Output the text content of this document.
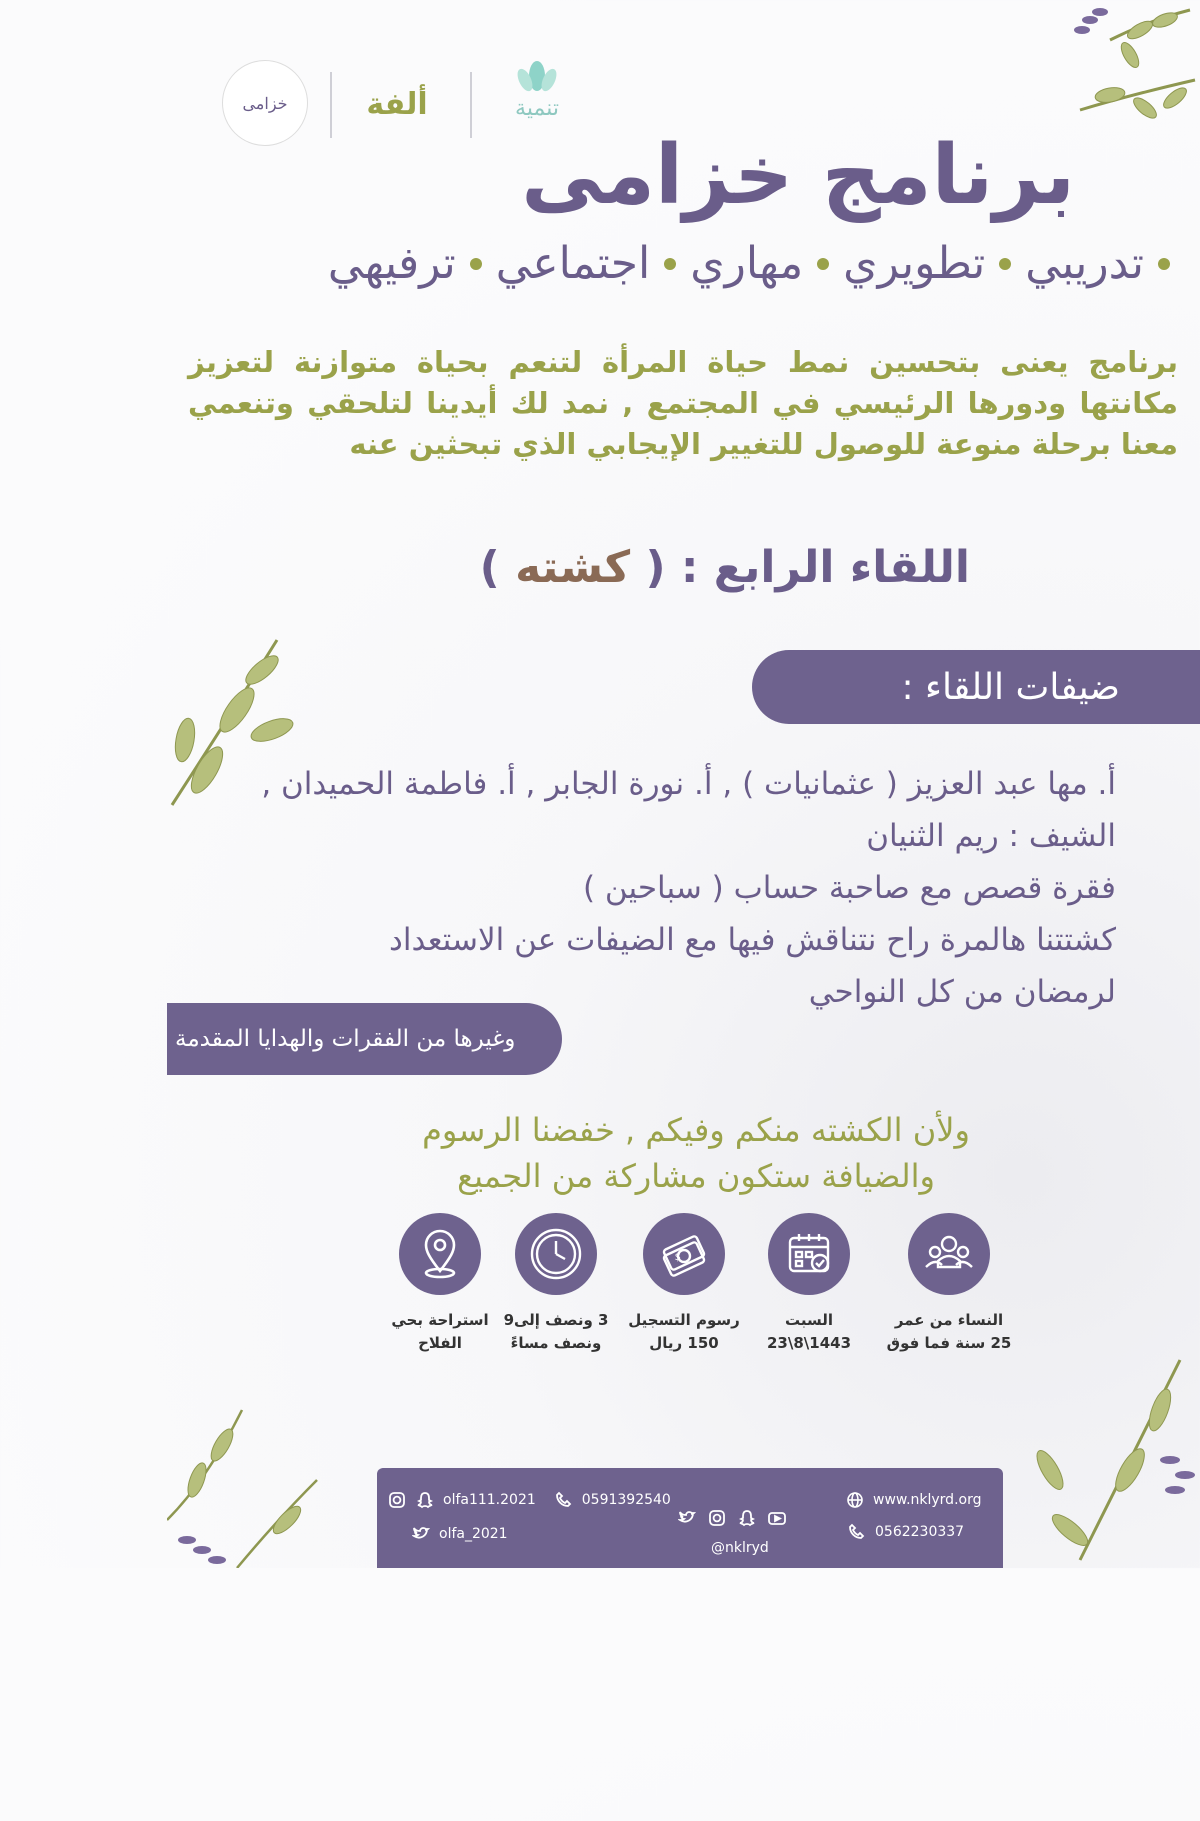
خزامى	ألفة	تنمية
برنامج خزامى
تدريبي
تطويري
مهاري
اجتماعي
ترفيهي
برنامج يعنى بتحسين نمط حياة المرأة لتنعم بحياة متوازنة لتعزيز مكانتها ودورها الرئيسي في المجتمع , نمد لك أيدينا لتلحقي وتنعمي معنا برحلة منوعة للوصول للتغيير الإيجابي الذي تبحثين عنه
اللقاء الرابع : ( كشته )
ضيفات اللقاء :
أ. مها عبد العزيز ( عثمانيات ) , أ. نورة الجابر , أ. فاطمة الحميدان ,
الشيف : ريم الثنيان
فقرة قصص مع صاحبة حساب ( سباحين )
كشتتنا هالمرة راح نتناقش فيها مع الضيفات عن الاستعداد
لرمضان من كل النواحي
وغيرها من الفقرات والهدايا المقدمة
ولأن الكشته منكم وفيكم , خفضنا الرسوم
والضيافة ستكون مشاركة من الجميع
النساء من عمر
25 سنة فما فوق
السبت
1443\8\23
$
رسوم التسجيل
150 ريال
3 ونصف إلى9
ونصف مساءً
استراحة بحي
الفلاح
olfa111.2021	0591392540
olfa_2021
@nklryd
www.nklyrd.org
0562230337
